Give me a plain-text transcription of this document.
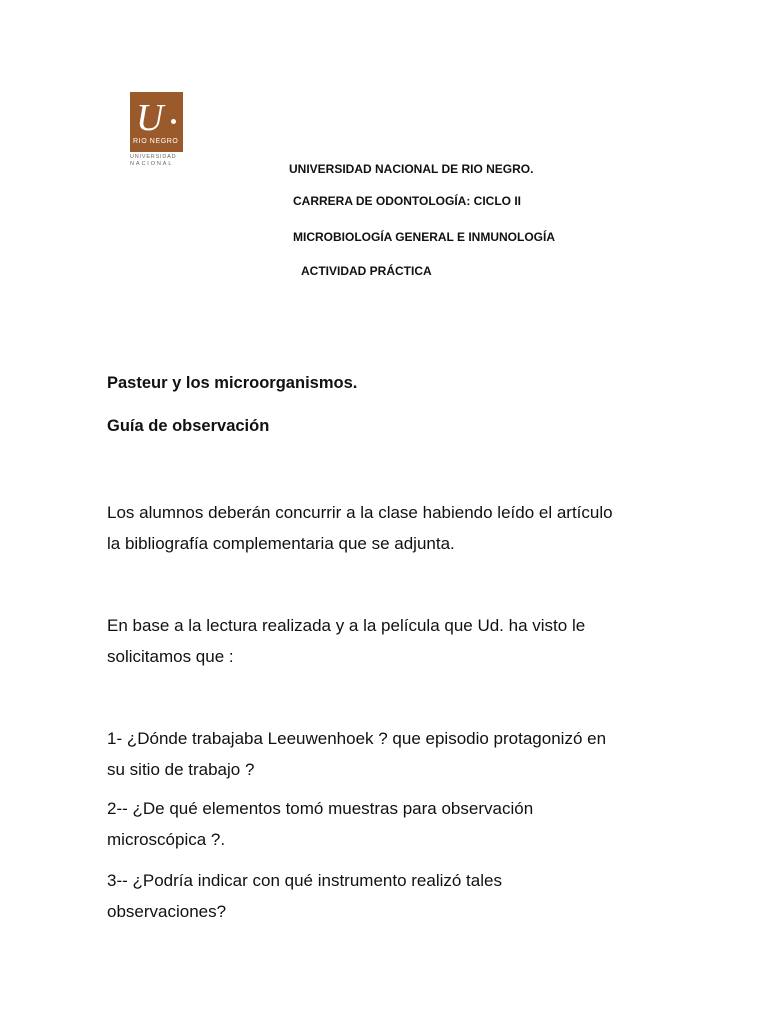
U
RIO NEGRO
UNIVERSIDAD
NACIONAL	UNIVERSIDAD NACIONAL DE RIO NEGRO.
CARRERA DE ODONTOLOGÍA: CICLO II
MICROBIOLOGÍA GENERAL E INMUNOLOGÍA
ACTIVIDAD PRÁCTICA
Pasteur y los microorganismos.
Guía de observación
Los alumnos deberán concurrir a la clase habiendo leído el artículo
la bibliografía complementaria que se adjunta.
En base a la lectura realizada y a la película que Ud. ha visto le
solicitamos que :
1- ¿Dónde trabajaba Leeuwenhoek ? que episodio protagonizó en
su sitio de trabajo ?
2-- ¿De qué elementos tomó muestras para observación
microscópica ?.
3-- ¿Podría indicar con qué instrumento realizó tales
observaciones?
